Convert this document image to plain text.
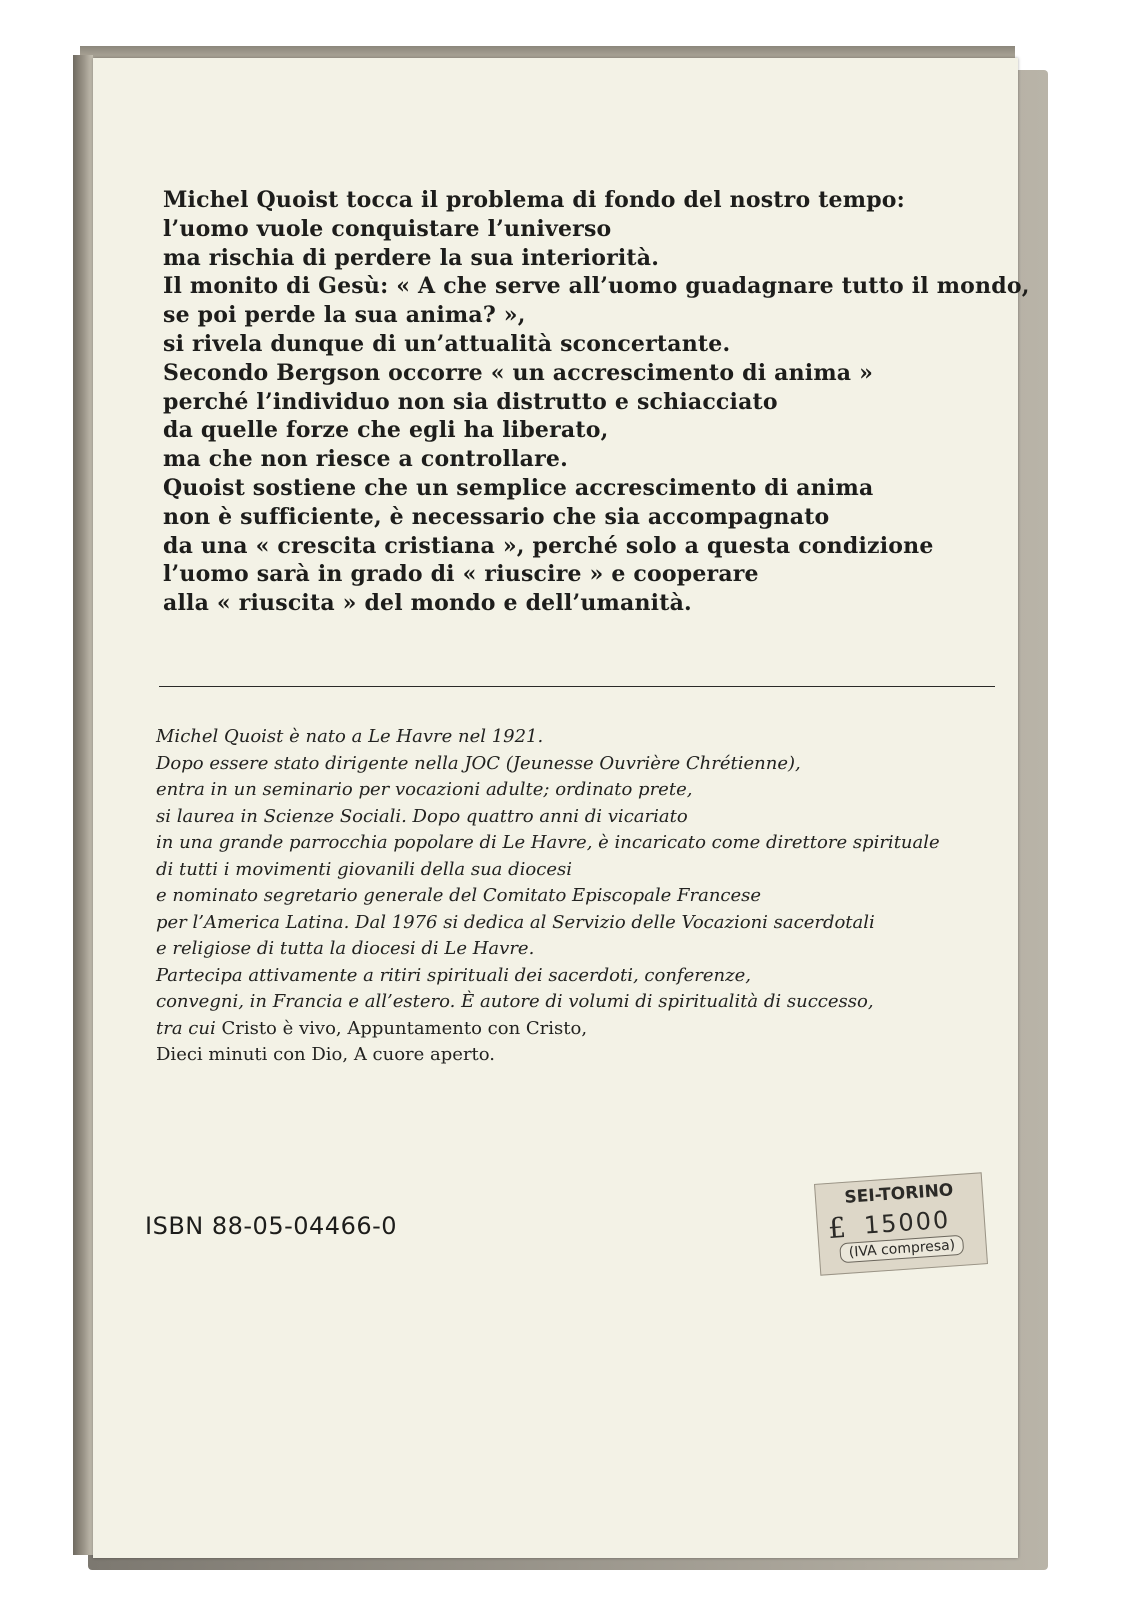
Michel Quoist tocca il problema di fondo del nostro tempo:
l’uomo vuole conquistare l’universo
ma rischia di perdere la sua interiorità.
Il monito di Gesù: « A che serve all’uomo guadagnare tutto il mondo,
se poi perde la sua anima? »,
si rivela dunque di un’attualità sconcertante.
Secondo Bergson occorre « un accrescimento di anima »
perché l’individuo non sia distrutto e schiacciato
da quelle forze che egli ha liberato,
ma che non riesce a controllare.
Quoist sostiene che un semplice accrescimento di anima
non è sufficiente, è necessario che sia accompagnato
da una « crescita cristiana », perché solo a questa condizione
l’uomo sarà in grado di « riuscire » e cooperare
alla « riuscita » del mondo e dell’umanità.
Michel Quoist è nato a Le Havre nel 1921.
Dopo essere stato dirigente nella JOC (Jeunesse Ouvrière Chrétienne),
entra in un seminario per vocazioni adulte; ordinato prete,
si laurea in Scienze Sociali. Dopo quattro anni di vicariato
in una grande parrocchia popolare di Le Havre, è incaricato come direttore spirituale
di tutti i movimenti giovanili della sua diocesi
e nominato segretario generale del Comitato Episcopale Francese
per l’America Latina. Dal 1976 si dedica al Servizio delle Vocazioni sacerdotali
e religiose di tutta la diocesi di Le Havre.
Partecipa attivamente a ritiri spirituali dei sacerdoti, conferenze,
convegni, in Francia e all’estero. È autore di volumi di spiritualità di successo,
tra cui Cristo è vivo, Appuntamento con Cristo,
Dieci minuti con Dio, A cuore aperto.
ISBN 88-05-04466-0
SEI-TORINO
£ 15000
(IVA compresa)
